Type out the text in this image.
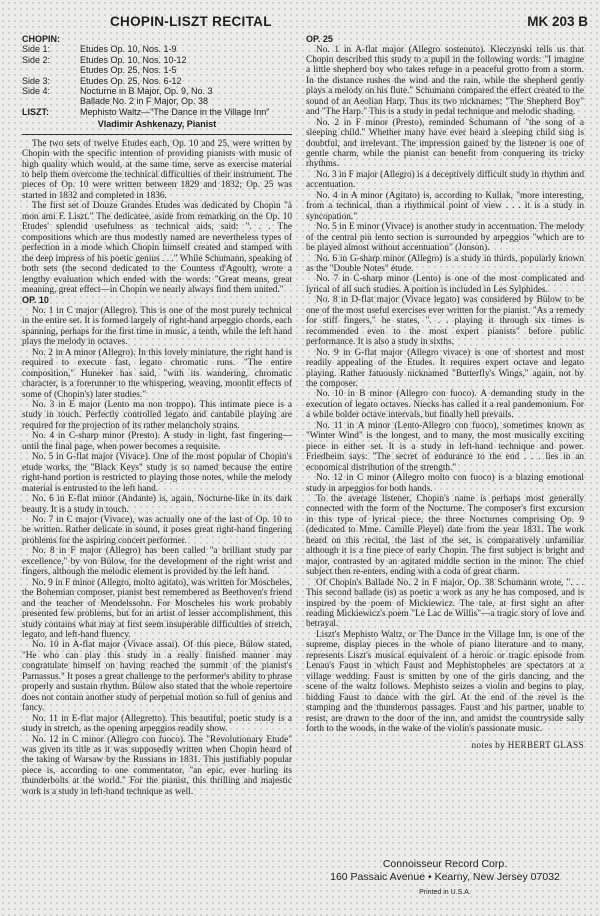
CHOPIN-LISZT RECITAL	MK 203 B
CHOPIN:
Side 1:	Etudes Op. 10, Nos. 1-9
Side 2:	Etudes Op. 10, Nos. 10-12
Etudes Op. 25, Nos. 1-5
Side 3:	Etudes Op. 25, Nos. 6-12
Side 4:	Nocturne in B Major, Op. 9, No. 3
Ballade No. 2 in F Major, Op. 38
LISZT:	Mephisto Waltz—"The Dance in the Village Inn"
Vladimir Ashkenazy, Pianist

The two sets of twelve Etudes each, Op. 10 and 25, were written by Chopin with the specific intention of providing pianists with music of high quality which would, at the same time, serve as exercise material to help them overcome the technical difficulties of their instrument. The pieces of Op. 10 were written between 1829 and 1832; Op. 25 was started in 1832 and completed in 1836.

The first set of Douze Grandes Etudes was dedicated by Chopin "à mon ami F. Liszt." The dedicatee, aside from remarking on the Op. 10 Etudes' splendid usefulness as technical aids, said: ". . . The compositions which are thus modestly named are nevertheless types of perfection in a mode which Chopin himself created and stamped with the deep impress of his poetic genius . . ." While Schumann, speaking of both sets (the second dedicated to the Countess d'Agoult), wrote a lengthy evaluation which ended with the words: "Great means, great meaning, great effect—in Chopin we nearly always find them united."

OP. 10

No. 1 in C major (Allegro). This is one of the most purely technical in the entire set. It is formed largely of right-hand arpeggio chords, each spanning, perhaps for the first time in music, a tenth, while the left hand plays the melody in octaves.

No. 2 in A minor (Allegro). In this lovely miniature, the right hand is required to execute fast, legato chromatic runs. "The entire composition," Huneker has said, "with its wandering, chromatic character, is a forerunner to the whispering, weaving, moonlit effects of some of (Chopin's) later studies."

No. 3 in E major (Lento ma non troppo). This intimate piece is a study in touch. Perfectly controlled legato and cantabile playing are required for the projection of its rather melancholy strains.

No. 4 in C-sharp minor (Presto). A study in light, fast fingering—until the final page, when power becomes a requisite.

No. 5 in G-flat major (Vivace). One of the most popular of Chopin's etude works, the "Black Keys" study is so named because the entire right-hand portion is restricted to playing those notes, while the melody material is entrusted to the left hand.

No. 6 in E-flat minor (Andante) is, again, Nocturne-like in its dark beauty. It is a study in touch.

No. 7 in C major (Vivace), was actually one of the last of Op. 10 to be written. Rather delicate in sound, it poses great right-hand fingering problems for the aspiring concert performer.

No. 8 in F major (Allegro) has been called "a brilliant study par excellence," by von Bülow, for the development of the right wrist and fingers, although the melodic element is provided by the left hand.

No. 9 in F minor (Allegro, molto agitato), was written for Moscheles, the Bohemian composer, pianist best remembered as Beethoven's friend and the teacher of Mendelssohn. For Moscheles his work probably presented few problems, but for an artist of lesser accomplishment, this study contains what may at first seem insuperable difficulties of stretch, legato, and left-hand fluency.

No. 10 in A-flat major (Vivace assai). Of this piece, Bülow stated, "He who can play this study in a really finished manner may congratulate himself on having reached the summit of the pianist's Parnassus." It poses a great challenge to the performer's ability to phrase properly and sustain rhythm. Bülow also stated that the whole repertoire does not contain another study of perpetual motion so full of genius and fancy.

No. 11 in E-flat major (Allegretto). This beautiful, poetic study is a study in stretch, as the opening arpeggios readily show.

No. 12 in C minor (Allegro con fuoco). The "Revolutionary Etude" was given its title as it was supposedly written when Chopin heard of the taking of Warsaw by the Russians in 1831. This justifiably popular piece is, according to one commentator, "an epic, ever hurling its thunderbolts at the world." For the pianist, this thrilling and majestic work is a study in left-hand technique as well.

OP. 25

No. 1 in A-flat major (Allegro sostenuto). Kleczynski tells us that Chopin described this study to a pupil in the following words: "I imagine a little shepherd boy who takes refuge in a peaceful grotto from a storm. In the distance rushes the wind and the rain, while the shepherd gently plays a melody on his flute." Schumann compared the effect created to the sound of an Aeolian Harp. Thus its two nicknames: "The Shepherd Boy" and "The Harp." This is a study in pedal technique and melodic shading.

No. 2 in F minor (Presto), reminded Schumann of "the song of a sleeping child." Whether many have ever heard a sleeping child sing is doubtful, and irrelevant. The impression gained by the listener is one of gentle charm, while the pianist can benefit from conquering its tricky rhythms.

No. 3 in F major (Allegro) is a deceptively difficult study in rhythm and accentuation.

No. 4 in A minor (Agitato) is, according to Kullak, "more interesting, from a technical, than a rhythmical point of view . . . it is a study in syncopation."

No. 5 in E minor (Vivace) is another study in accentuation. The melody of the central più lento section is surrounded by arpeggios "which are to be played almost without accentuation" (Jonson).

No. 6 in G-sharp minor (Allegro) is a study in thirds, popularly known as the "Double Notes" étude.

No. 7 in C-sharp minor (Lento) is one of the most complicated and lyrical of all such studies. A portion is included in Les Sylphides.

No. 8 in D-flat major (Vivace legato) was considered by Bülow to be one of the most useful exercises ever written for the pianist. "As a remedy for stiff fingers," he states, ". . . playing it through six times is recommended even to the most expert pianists" before public performance. It is also a study in sixths.

No. 9 in G-flat major (Allegro vivace) is one of shortest and most readily appealing of the Etudes. It requires expert octave and legato playing. Rather fatuously nicknamed "Butterfly's Wings," again, not by the composer.

No. 10 in B minor (Allegro con fuoco). A demanding study in the execution of legato octaves. Niecks has called it a real pandemonium. For a while bolder octave intervals, but finally hell prevails.

No. 11 in A minor (Lento-Allegro con fuoco), sometimes known as "Winter Wind" is the longest, and to many, the most musically exciting piece in either set. It is a study in left-hand technique and power. Friedheim says: "The secret of endurance to the end . . . lies in an economical distribution of the strength."

No. 12 in C minor (Allegro molto con fuoco) is a blazing emotional study in arpeggios for both hands.

To the average listener, Chopin's name is perhaps most generally connected with the form of the Nocturne. The composer's first excursion in this type of lyrical piece, the three Nocturnes comprising Op. 9 (dedicated to Mme. Camille Pleyel) date from the year 1831. The work heard on this recital, the last of the set, is comparatively unfamiliar although it is a fine piece of early Chopin. The first subject is bright and major, contrasted by an agitated middle section in the minor. The chief subject then re-enters, ending with a coda of great charm.

Of Chopin's Ballade No. 2 in F major, Op. 38 Schumann wrote, ". . . This second ballade (is) as poetic a work as any he has composed, and is inspired by the poem of Mickiewicz. The tale, at first sight an after reading Mickiewicz's poem "Le Lac de Willis"—a tragic story of love and betrayal.

Liszt's Mephisto Waltz, or The Dance in the Village Inn, is one of the supreme, display pieces in the whole of piano literature and to many, represents Liszt's musical equivalent of a heroic or tragic episode from Lenau's Faust in which Faust and Mephistopheles are spectators at a village wedding. Faust is smitten by one of the girls dancing, and the scene of the waltz follows. Mephisto seizes a violin and begins to play, bidding Faust to dance with the girl. At the end of the revel is the stamping and the thunderous passages. Faust and his partner, unable to resist, are drawn to the door of the inn, and amidst the countryside sally forth to the woods, in the wake of the violin's passionate music.

notes by HERBERT GLASS
Connoisseur Record Corp.
160 Passaic Avenue • Kearny, New Jersey 07032
Printed in U.S.A.
